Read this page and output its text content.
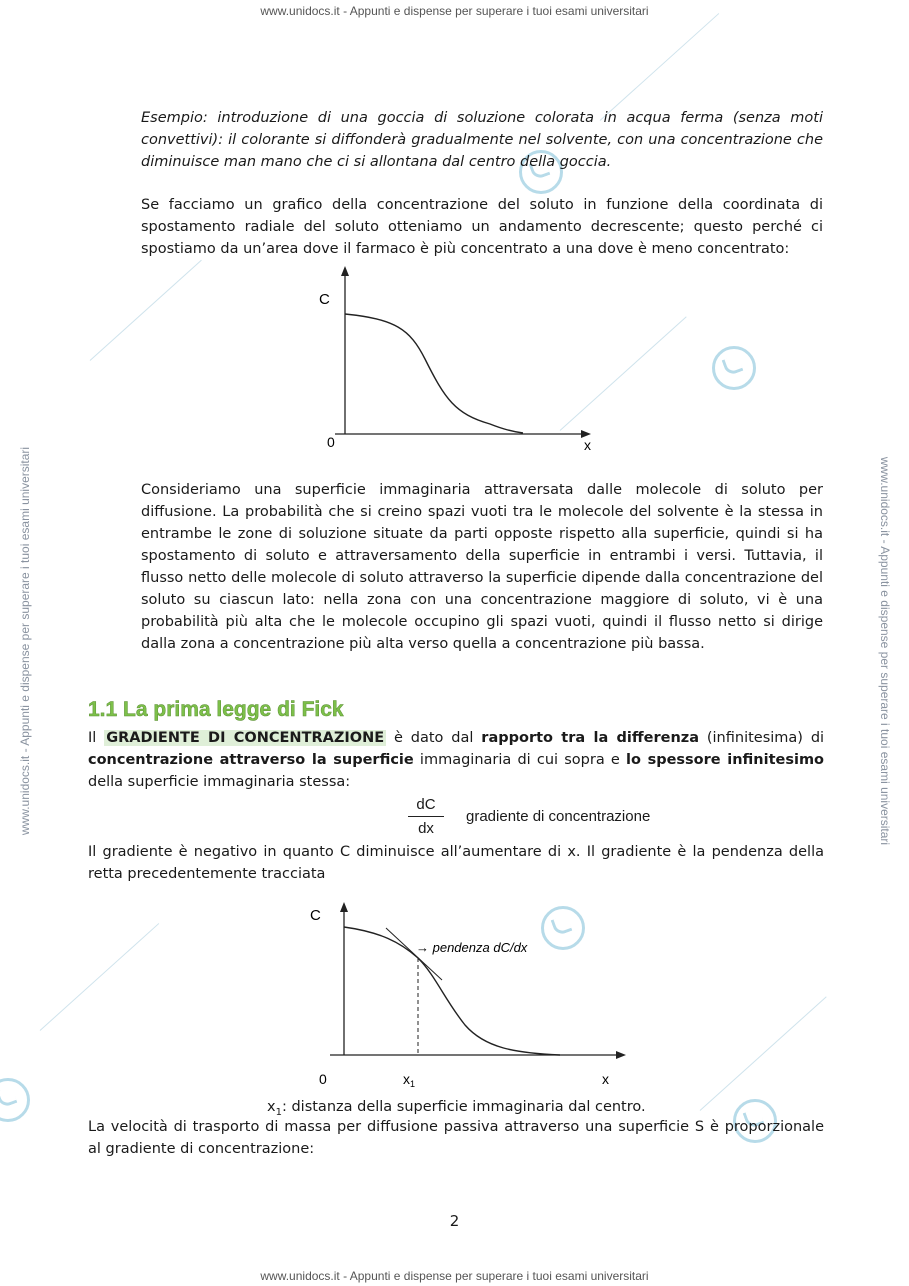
www.unidocs.it - Appunti e dispense per superare i tuoi esami universitari
www.unidocs.it - Appunti e dispense per superare i tuoi esami universitari
www.unidocs.it - Appunti e dispense per superare i tuoi esami universitari	www.unidocs.it - Appunti e dispense per superare i tuoi esami universitari
Esempio: introduzione di una goccia di soluzione colorata in acqua ferma (senza moti convettivi): il colorante si diffonderà gradualmente nel solvente, con una concentrazione che diminuisce man mano che ci si allontana dal centro della goccia.
Se facciamo un grafico della concentrazione del soluto in funzione della coordinata di spostamento radiale del soluto otteniamo un andamento decrescente; questo perché ci spostiamo da un’area dove il farmaco è più concentrato a una dove è meno concentrato:
C
0	x
Consideriamo una superficie immaginaria attraversata dalle molecole di soluto per diffusione. La probabilità che si creino spazi vuoti tra le molecole del solvente è la stessa in entrambe le zone di soluzione situate da parti opposte rispetto alla superficie, quindi si ha spostamento di soluto e attraversamento della superficie in entrambi i versi. Tuttavia, il flusso netto delle molecole di soluto attraverso la superficie dipende dalla concentrazione del soluto su ciascun lato: nella zona con una concentrazione maggiore di soluto, vi è una probabilità più alta che le molecole occupino gli spazi vuoti, quindi il flusso netto si dirige dalla zona a concentrazione più alta verso quella a concentrazione più bassa.
1.1 La prima legge di Fick
Il GRADIENTE DI CONCENTRAZIONE è dato dal rapporto tra la differenza (infinitesima) di concentrazione attraverso la superficie immaginaria di cui sopra e lo spessore infinitesimo della superficie immaginaria stessa:
dC
dx
gradiente di concentrazione
Il gradiente è negativo in quanto C diminuisce all’aumentare di x. Il gradiente è la pendenza della retta precedentemente tracciata
C
→ pendenza dC/dx
0	$x_1$	x
$x_1$: distanza della superficie immaginaria dal centro.
La velocità di trasporto di massa per diffusione passiva attraverso una superficie S è proporzionale al gradiente di concentrazione:
2
